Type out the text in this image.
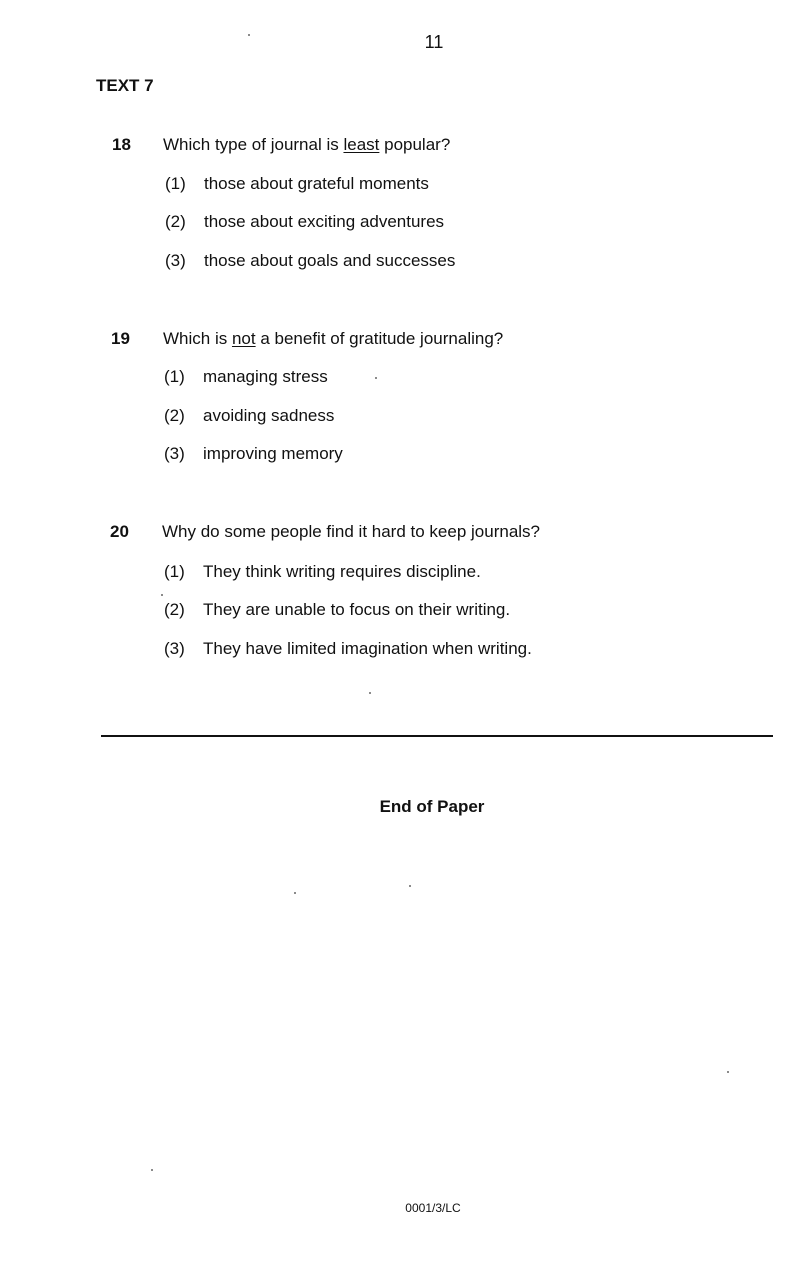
11
TEXT 7
18 Which type of journal is least popular?
(1) those about grateful moments
(2) those about exciting adventures
(3) those about goals and successes
19 Which is not a benefit of gratitude journaling?
(1) managing stress
(2) avoiding sadness
(3) improving memory
20 Why do some people find it hard to keep journals?
(1) They think writing requires discipline.
(2) They are unable to focus on their writing.
(3) They have limited imagination when writing.
End of Paper
0001/3/LC
